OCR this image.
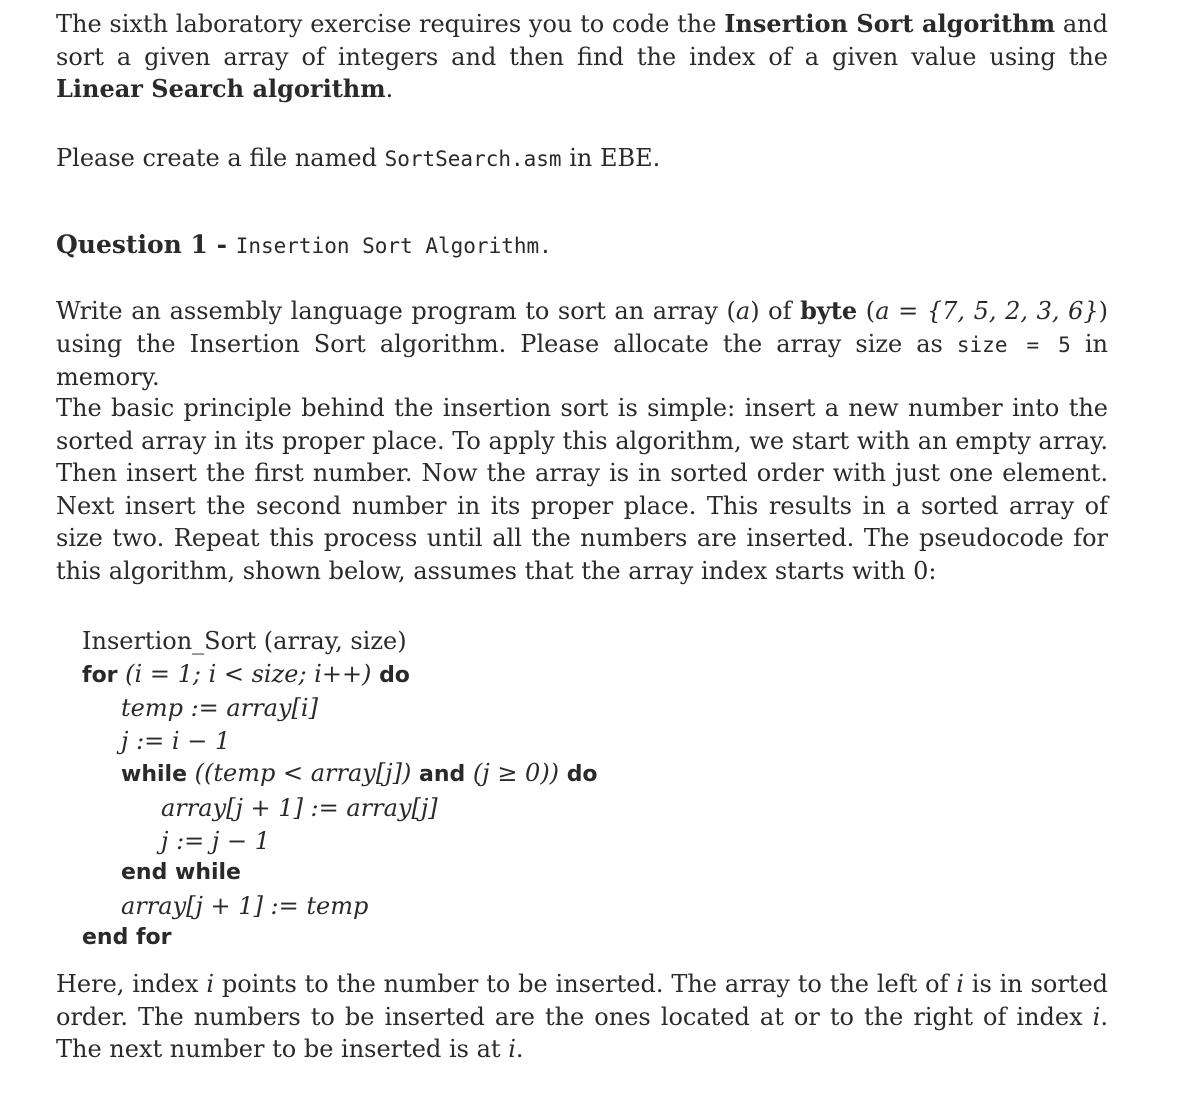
The sixth laboratory exercise requires you to code the Insertion Sort algorithm and sort a given array of integers and then find the index of a given value using the Linear Search algorithm.

Please create a file named SortSearch.asm in EBE.

Question 1 - Insertion Sort Algorithm.

Write an assembly language program to sort an array (a) of byte (a = {7, 5, 2, 3, 6}) using the Insertion Sort algorithm. Please allocate the array size as size = 5 in memory.

The basic principle behind the insertion sort is simple: insert a new number into the sorted array in its proper place. To apply this algorithm, we start with an empty array. Then insert the first number. Now the array is in sorted order with just one element. Next insert the second number in its proper place. This results in a sorted array of size two. Repeat this process until all the numbers are inserted. The pseudocode for this algorithm, shown below, assumes that the array index starts with 0:

Insertion_Sort (array, size)
for (i = 1; i < size; i++) do
temp := array[i]
j := i − 1
while ((temp < array[j]) and (j ≥ 0)) do
array[j + 1] := array[j]
j := j − 1
end while
array[j + 1] := temp
end for

Here, index i points to the number to be inserted. The array to the left of i is in sorted order. The numbers to be inserted are the ones located at or to the right of index i. The next number to be inserted is at i.
